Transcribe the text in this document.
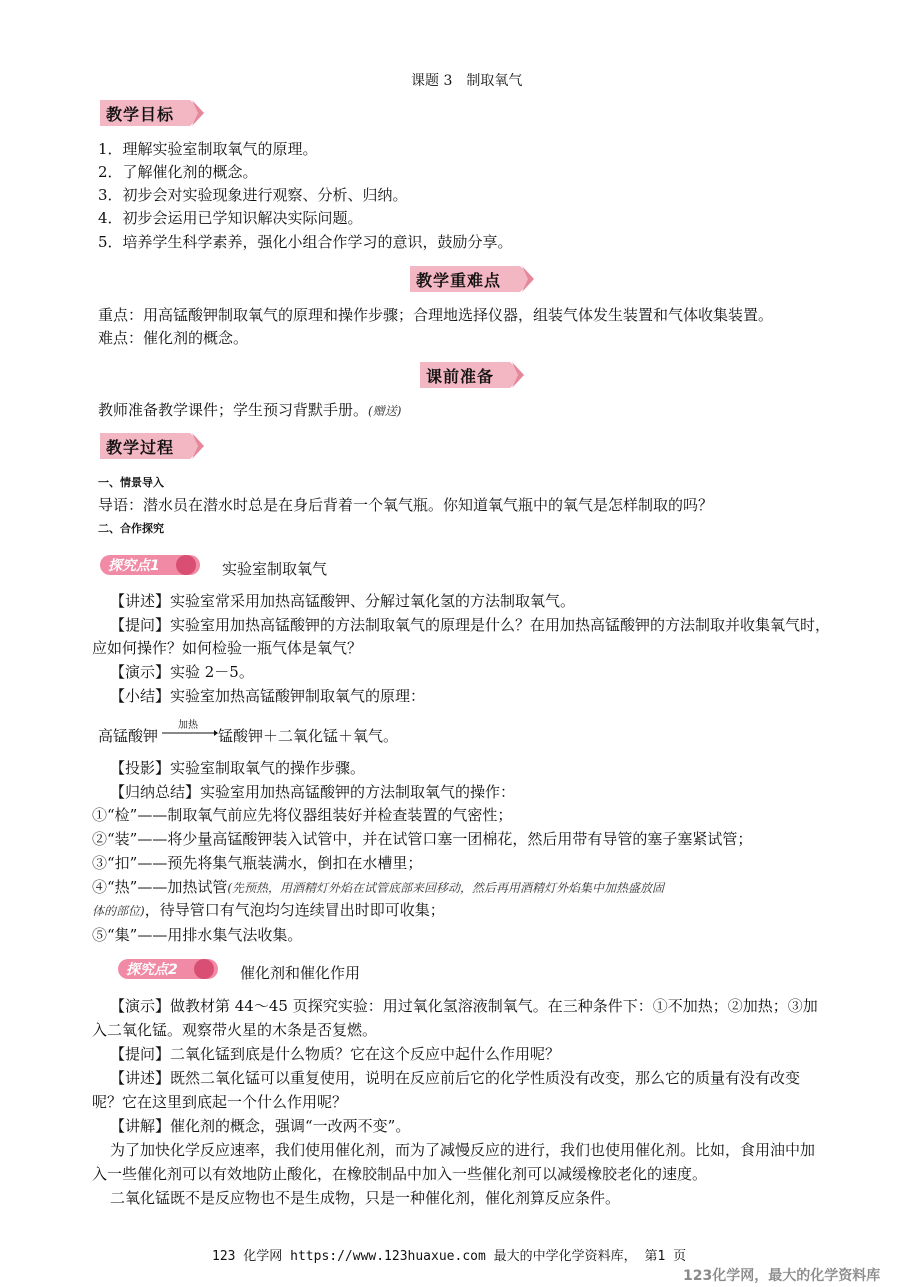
课题 3　制取氧气
教学目标
1．理解实验室制取氧气的原理。
2．了解催化剂的概念。
3．初步会对实验现象进行观察、分析、归纳。
4．初步会运用已学知识解决实际问题。
5．培养学生科学素养，强化小组合作学习的意识，鼓励分享。
教学重难点
重点：用高锰酸钾制取氧气的原理和操作步骤；合理地选择仪器，组装气体发生装置和气体收集装置。
难点：催化剂的概念。
课前准备
教师准备教学课件；学生预习背默手册。(赠送)
教学过程
一、情景导入
导语：潜水员在潜水时总是在身后背着一个氧气瓶。你知道氧气瓶中的氧气是怎样制取的吗？
二、合作探究
探究点1	实验室制取氧气
【讲述】实验室常采用加热高锰酸钾、分解过氧化氢的方法制取氧气。
【提问】实验室用加热高锰酸钾的方法制取氧气的原理是什么？在用加热高锰酸钾的方法制取并收集氧气时，
应如何操作？如何检验一瓶气体是氧气？
【演示】实验 2－5。
【小结】实验室加热高锰酸钾制取氧气的原理：
高锰酸钾
加热
锰酸钾＋二氧化锰＋氧气。
【投影】实验室制取氧气的操作步骤。
【归纳总结】实验室用加热高锰酸钾的方法制取氧气的操作：
①“检”——制取氧气前应先将仪器组装好并检查装置的气密性；
②“装”——将少量高锰酸钾装入试管中，并在试管口塞一团棉花，然后用带有导管的塞子塞紧试管；
③“扣”——预先将集气瓶装满水，倒扣在水槽里；
④“热”——加热试管(先预热，用酒精灯外焰在试管底部来回移动，然后再用酒精灯外焰集中加热盛放固
体的部位)，待导管口有气泡均匀连续冒出时即可收集；
⑤“集”——用排水集气法收集。
探究点2	催化剂和催化作用
【演示】做教材第 44～45 页探究实验：用过氧化氢溶液制氧气。在三种条件下：①不加热；②加热；③加
入二氧化锰。观察带火星的木条是否复燃。
【提问】二氧化锰到底是什么物质？它在这个反应中起什么作用呢？
【讲述】既然二氧化锰可以重复使用，说明在反应前后它的化学性质没有改变，那么它的质量有没有改变
呢？它在这里到底起一个什么作用呢？
【讲解】催化剂的概念，强调“一改两不变”。
为了加快化学反应速率，我们使用催化剂，而为了减慢反应的进行，我们也使用催化剂。比如，食用油中加
入一些催化剂可以有效地防止酸化，在橡胶制品中加入一些催化剂可以减缓橡胶老化的速度。
二氧化锰既不是反应物也不是生成物，只是一种催化剂，催化剂算反应条件。
123 化学网 https://www.123huaxue.com 最大的中学化学资料库， 第1 页
123化学网，最大的化学资料库
